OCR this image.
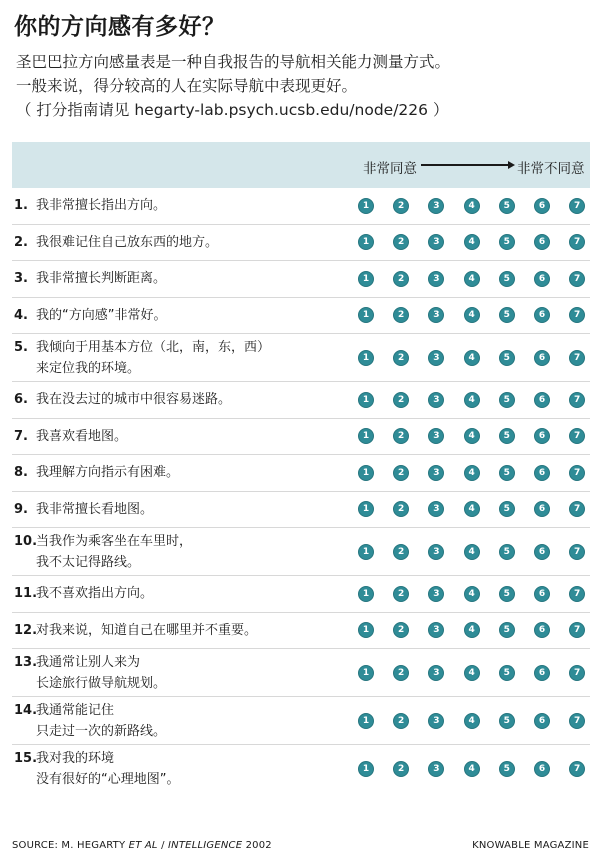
你的方向感有多好？
圣巴巴拉方向感量表是一种自我报告的导航相关能力测量方式。
一般来说，得分较高的人在实际导航中表现更好。
（ 打分指南请见 hegarty-lab.psych.ucsb.edu/node/226 ）
非常同意	非常不同意
1. 我非常擅长指出方向。	1	2	3	4	5	6	7
2. 我很难记住自己放东西的地方。	1	2	3	4	5	6	7
3. 我非常擅长判断距离。	1	2	3	4	5	6	7
4. 我的“方向感”非常好。	1	2	3	4	5	6	7
5. 我倾向于用基本方位（北，南，东，西）
来定位我的环境。
1	2	3	4	5	6	7
6. 我在没去过的城市中很容易迷路。	1	2	3	4	5	6	7
7. 我喜欢看地图。	1	2	3	4	5	6	7
8. 我理解方向指示有困难。	1	2	3	4	5	6	7
9. 我非常擅长看地图。	1	2	3	4	5	6	7
10.
当我作为乘客坐在车里时，
我不太记得路线。
1	2	3	4	5	6	7
11.
我不喜欢指出方向。	1	2	3	4	5	6	7
12.
对我来说，知道自己在哪里并不重要。	1	2	3	4	5	6	7
13.
我通常让别人来为
长途旅行做导航规划。
1	2	3	4	5	6	7
14.
我通常能记住
只走过一次的新路线。
1	2	3	4	5	6	7
15.
我对我的环境
没有很好的“心理地图”。
1	2	3	4	5	6	7
SOURCE: M. HEGARTY ET AL / INTELLIGENCE 2002	KNOWABLE MAGAZINE
